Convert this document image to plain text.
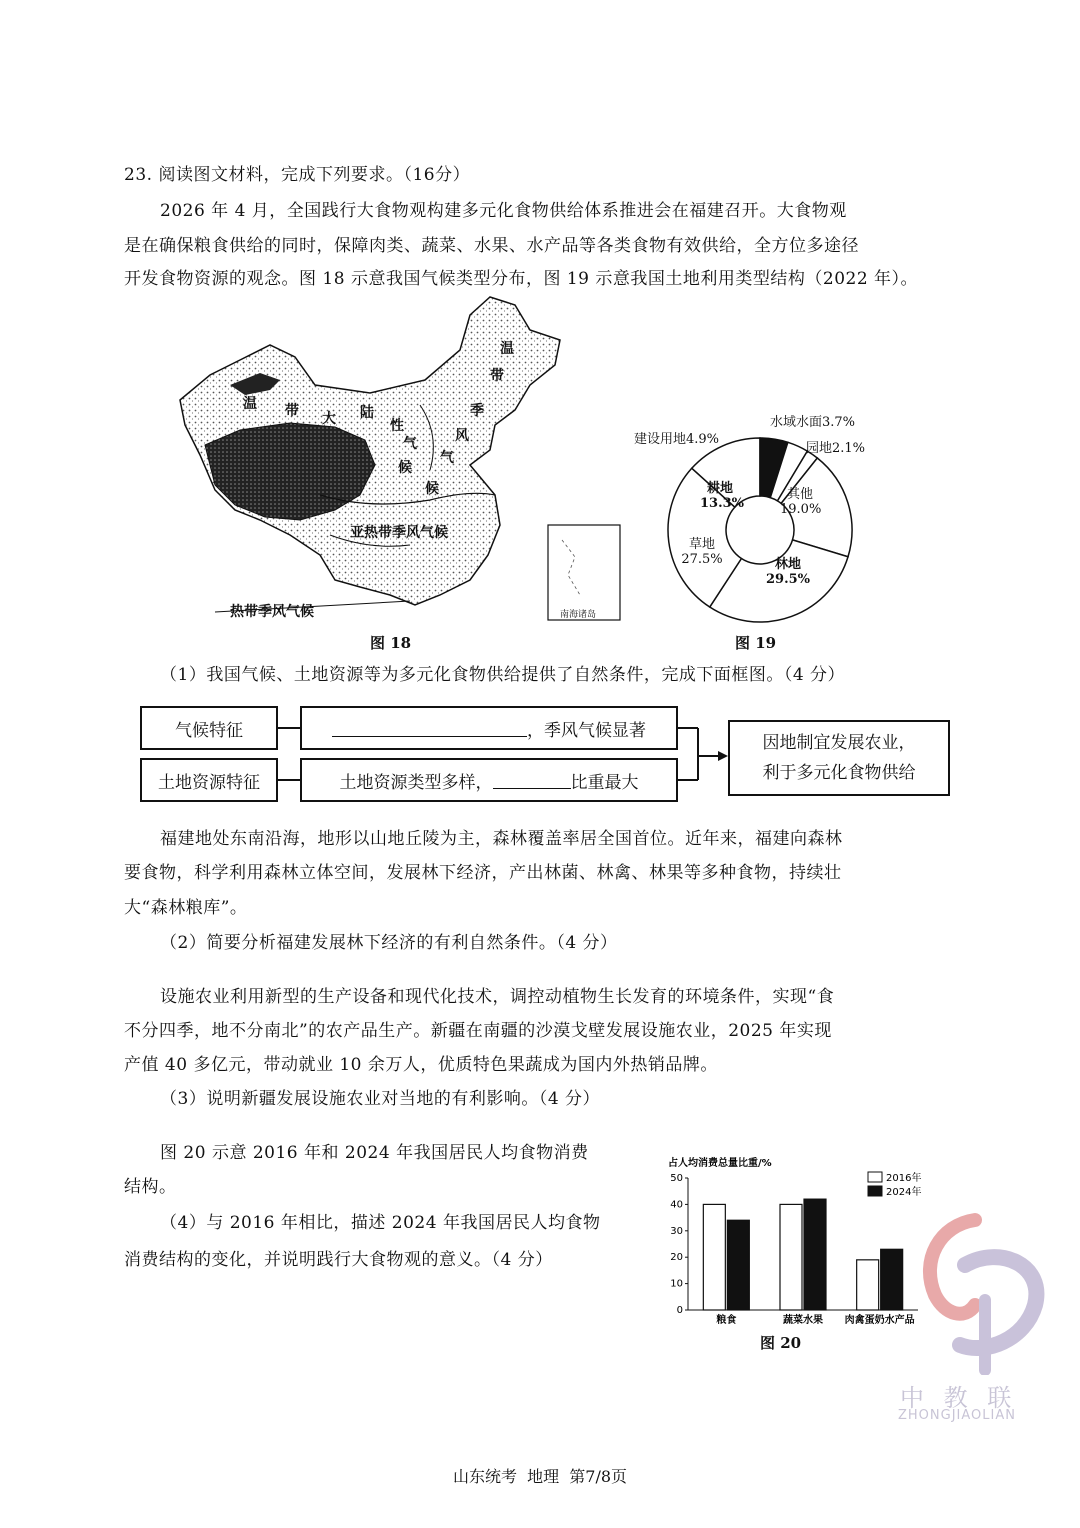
23. 阅读图文材料，完成下列要求。（16分）
2026 年 4 月，全国践行大食物观构建多元化食物供给体系推进会在福建召开。大食物观
是在确保粮食供给的同时，保障肉类、蔬菜、水果、水产品等各类食物有效供给，全方位多途径
开发食物资源的观念。图 18 示意我国气候类型分布，图 19 示意我国土地利用类型结构（2022 年）。
温 带 大 陆
性
气
候
温
带
季
风
气
候
亚热带季风气候
热带季风气候	南海诸岛
图 18
建设用地4.9%
水域水面3.7%
园地2.1%
耕地 13.3%
其他 19.0%
林地 29.5%
草地 27.5%
图 19
（1）我国气候、土地资源等为多元化食物供给提供了自然条件，完成下面框图。（4 分）
气候特征
土地资源特征
，季风气候显著
土地资源类型多样，	比重最大
因地制宜发展农业，
利于多元化食物供给
福建地处东南沿海，地形以山地丘陵为主，森林覆盖率居全国首位。近年来，福建向森林
要食物，科学利用森林立体空间，发展林下经济，产出林菌、林禽、林果等多种食物，持续壮
大“森林粮库”。
（2）简要分析福建发展林下经济的有利自然条件。（4 分）
设施农业利用新型的生产设备和现代化技术，调控动植物生长发育的环境条件，实现“食
不分四季，地不分南北”的农产品生产。新疆在南疆的沙漠戈壁发展设施农业，2025 年实现
产值 40 多亿元，带动就业 10 余万人，优质特色果蔬成为国内外热销品牌。
（3）说明新疆发展设施农业对当地的有利影响。（4 分）
图 20 示意 2016 年和 2024 年我国居民人均食物消费
结构。
（4）与 2016 年相比，描述 2024 年我国居民人均食物
消费结构的变化，并说明践行大食物观的意义。（4 分）
占人均消费总量比重/%
0
10
20
30
40
50
粮食	蔬菜水果 肉禽蛋奶水产品
2016年
2024年
图 20
中 教 联
ZHONGJIAOLIAN
山东统考  地理  第7/8页
